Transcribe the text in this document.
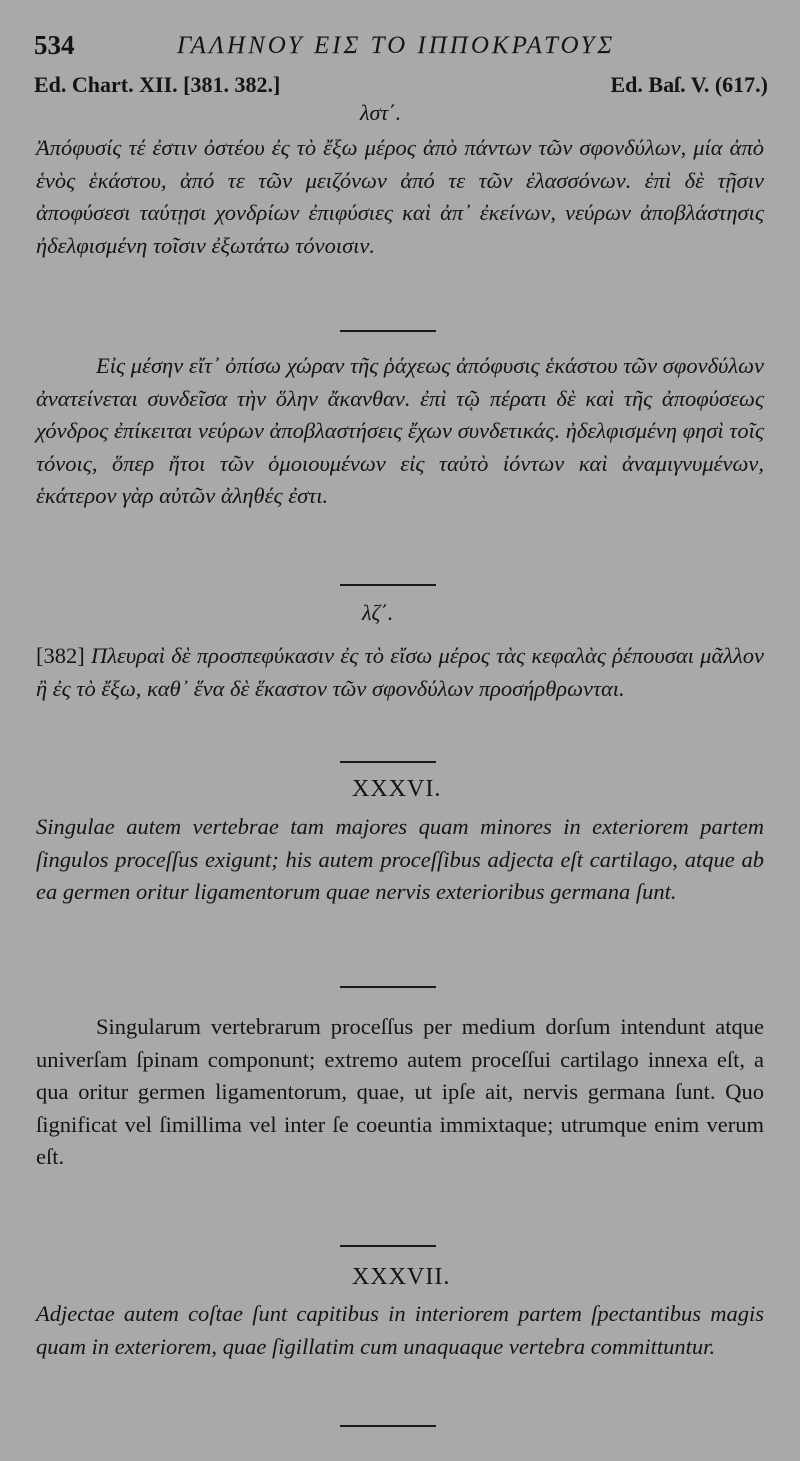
534	ΓΑΛΗΝΟΥ ΕΙΣ ΤΟ ΙΠΠΟΚΡΑΤΟΥΣ
Ed. Chart. XII. [381. 382.]	Ed. Baſ. V. (617.)
λστ΄.
Ἀπόφυσίς τέ ἐστιν ὀστέου ἐς τὸ ἔξω μέρος ἀπὸ πάντων τῶν σφονδύλων, μία ἀπὸ ἑνὸς ἑκάστου, ἀπό τε τῶν μειζόνων ἀπό τε τῶν ἐλασσόνων. ἐπὶ δὲ τῇσιν ἀποφύσεσι ταύτῃσι χονδρίων ἐπιφύσιες καὶ ἀπ᾽ ἐκείνων, νεύρων ἀποβλάστησις ἠδελφισμένη τοῖσιν ἐξωτάτω τόνοισιν.
Εἰς μέσην εἴτ᾽ ὀπίσω χώραν τῆς ῥάχεως ἀπόφυσις ἑκάστου τῶν σφονδύλων ἀνατείνεται συνδεῖσα τὴν ὅλην ἄκανθαν. ἐπὶ τῷ πέρατι δὲ καὶ τῆς ἀποφύσεως χόνδρος ἐπίκειται νεύρων ἀποβλαστήσεις ἔχων συνδετικάς. ἠδελφισμένη φησὶ τοῖς τόνοις, ὅπερ ἤτοι τῶν ὁμοιουμένων εἰς ταὐτὸ ἰόντων καὶ ἀναμιγνυμένων, ἑκάτερον γὰρ αὐτῶν ἀληθές ἐστι.
λζ΄.
[382] Πλευραὶ δὲ προσπεφύκασιν ἐς τὸ εἴσω μέρος τὰς κεφαλὰς ῥέπουσαι μᾶλλον ἢ ἐς τὸ ἔξω, καθ᾽ ἕνα δὲ ἕκαστον τῶν σφονδύλων προσήρθρωνται.
XXXVI.
Singulae autem vertebrae tam majores quam minores in exteriorem partem ſingulos proceſſus exigunt; his autem proceſſibus adjecta eſt cartilago, atque ab ea germen oritur ligamentorum quae nervis exterioribus germana ſunt.
Singularum vertebrarum proceſſus per medium dorſum intendunt atque univerſam ſpinam componunt; extremo autem proceſſui cartilago innexa eſt, a qua oritur germen ligamentorum, quae, ut ipſe ait, nervis germana ſunt. Quo ſignificat vel ſimillima vel inter ſe coeuntia immixtaque; utrumque enim verum eſt.
XXXVII.
Adjectae autem coſtae ſunt capitibus in interiorem partem ſpectantibus magis quam in exteriorem, quae ſigillatim cum unaquaque vertebra committuntur.
